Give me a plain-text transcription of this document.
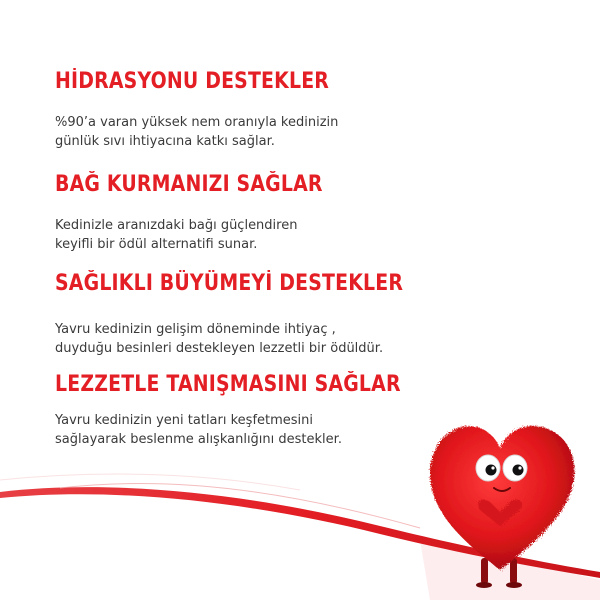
HİDRASYONU DESTEKLER

%90’a varan yüksek nem oranıyla kedinizin
günlük sıvı ihtiyacına katkı sağlar.

BAĞ KURMANIZI SAĞLAR

Kedinizle aranızdaki bağı güçlendiren
keyifli bir ödül alternatifi sunar.

SAĞLIKLI BÜYÜMEYİ DESTEKLER

Yavru kedinizin gelişim döneminde ihtiyaç ,
duyduğu besinleri destekleyen lezzetli bir ödüldür.

LEZZETLE TANIŞMASINI SAĞLAR

Yavru kedinizin yeni tatları keşfetmesini
sağlayarak beslenme alışkanlığını destekler.
